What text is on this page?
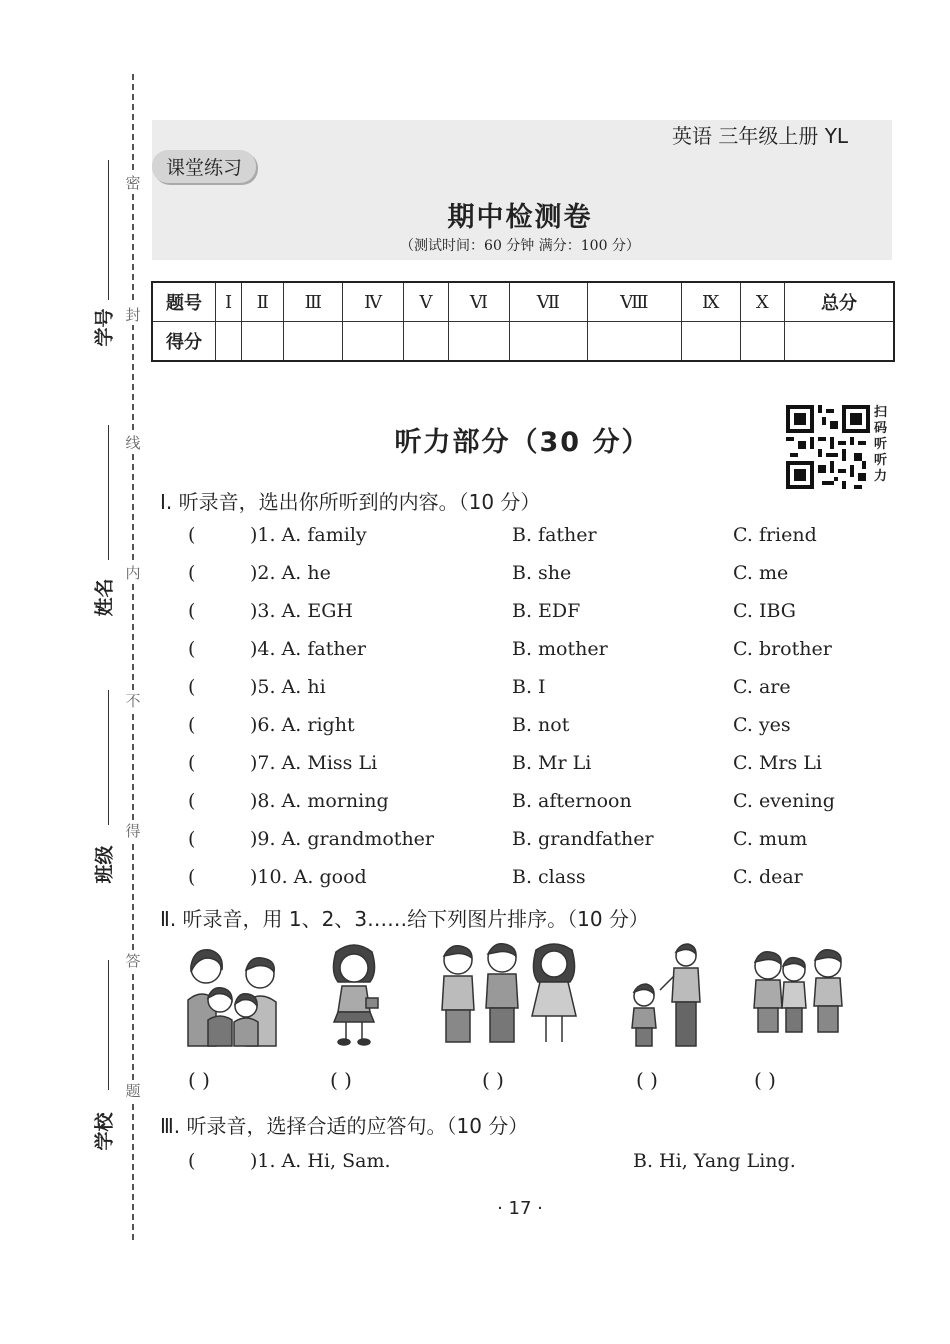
密
封
线
内
不
得
答
题
学号
姓名
班级
学校
英语 三年级上册 YL
课堂练习
期中检测卷
（测试时间：60 分钟 满分：100 分）
题号	Ⅰ	Ⅱ	Ⅲ	Ⅳ	Ⅴ	Ⅵ	Ⅶ	Ⅷ	Ⅸ	Ⅹ	总分
得分											
听力部分（30 分）
扫码听听力
Ⅰ. 听录音，选出你所听到的内容。（10 分）
(	)1. A. family	B. father	C. friend
(	)2. A. he	B. she	C. me
(	)3. A. EGH	B. EDF	C. IBG
(	)4. A. father	B. mother	C. brother
(	)5. A. hi	B. I	C. are
(	)6. A. right	B. not	C. yes
(	)7. A. Miss Li	B. Mr Li	C. Mrs Li
(	)8. A. morning	B. afternoon	C. evening
(	)9. A. grandmother	B. grandfather	C. mum
(	)10. A. good	B. class	C. dear
Ⅱ. 听录音，用 1、2、3……给下列图片排序。（10 分）
( )	( )	( )	( )	( )
Ⅲ. 听录音，选择合适的应答句。（10 分）
(	)1. A. Hi, Sam.	B. Hi, Yang Ling.
· 17 ·
